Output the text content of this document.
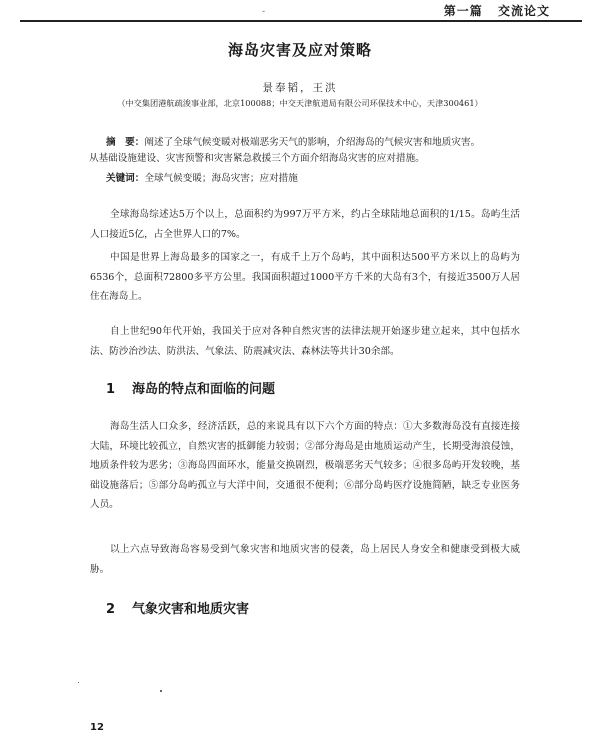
-	第一篇 交流论文
海岛灾害及应对策略
景奉韬，王洪
（中交集团港航疏浚事业部，北京100088；中交天津航道局有限公司环保技术中心，天津300461）
摘　要：阐述了全球气候变暖对极端恶劣天气的影响，介绍海岛的气候灾害和地质灾害。
从基础设施建设、灾害预警和灾害紧急救援三个方面介绍海岛灾害的应对措施。
关键词：全球气候变暖；海岛灾害；应对措施

全球海岛综述达5万个以上，总面积约为997万平方米，约占全球陆地总面积的1/15。岛屿生活人口接近5亿，占全世界人口的7%。

中国是世界上海岛最多的国家之一，有成千上万个岛屿，其中面积达500平方米以上的岛屿为6536个，总面积72800多平方公里。我国面积超过1000平方千米的大岛有3个，有接近3500万人居住在海岛上。

自上世纪90年代开始，我国关于应对各种自然灾害的法律法规开始逐步建立起来，其中包括水法、防沙治沙法、防洪法、气象法、防震减灾法、森林法等共计30余部。

1 海岛的特点和面临的问题

海岛生活人口众多，经济活跃，总的来说具有以下六个方面的特点：①大多数海岛没有直接连接大陆，环境比较孤立，自然灾害的抵御能力较弱；②部分海岛是由地质运动产生，长期受海浪侵蚀，地质条件较为恶劣；③海岛四面环水，能量交换剧烈，极端恶劣天气较多；④很多岛屿开发较晚，基础设施落后；⑤部分岛屿孤立与大洋中间，交通很不便利；⑥部分岛屿医疗设施简陋，缺乏专业医务人员。

以上六点导致海岛容易受到气象灾害和地质灾害的侵袭，岛上居民人身安全和健康受到极大威胁。

2 气象灾害和地质灾害
12
